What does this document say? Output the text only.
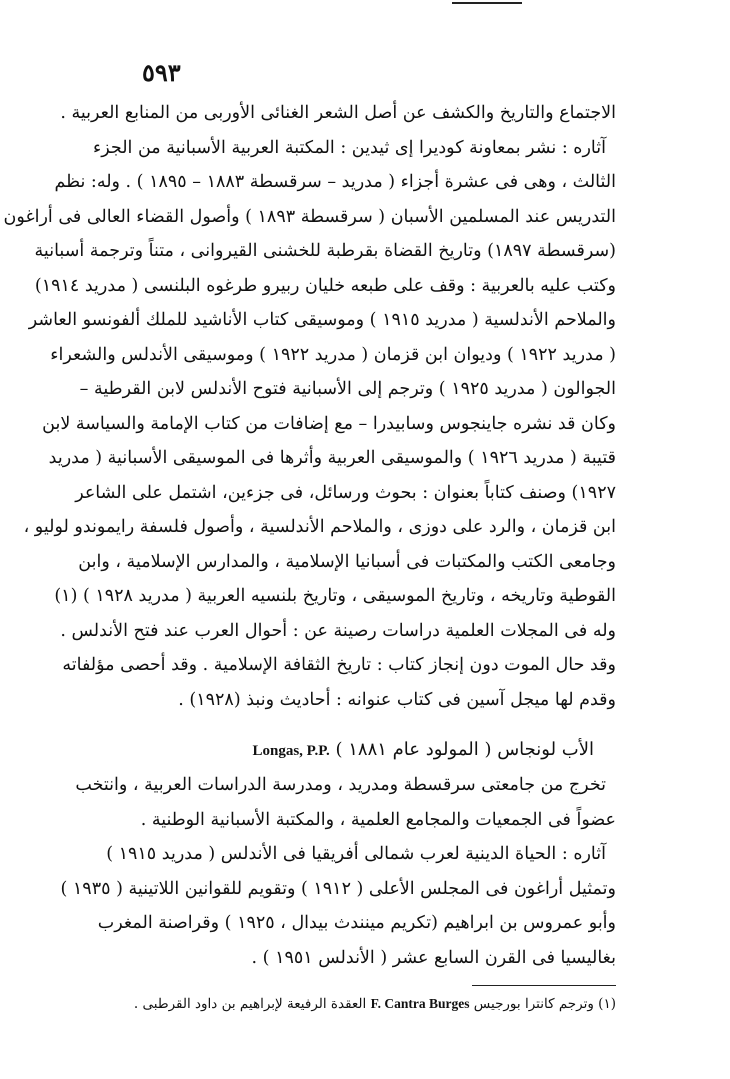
٥٩٣
الاجتماع والتاريخ والكشف عن أصل الشعر الغنائى الأوربى من المنابع العربية .
آثاره : نشر بمعاونة كوديرا إى ثيدين : المكتبة العربية الأسبانية من الجزء
الثالث ، وهى فى عشرة أجزاء ( مدريد – سرقسطة ١٨٨٣ – ١٨٩٥ ) . وله: نظم
التدريس عند المسلمين الأسبان ( سرقسطة ١٨٩٣ ) وأصول القضاء العالى فى أراغون
(سرقسطة ١٨٩٧) وتاريخ القضاة بقرطبة للخشنى القيروانى ، متناً وترجمة أسبانية
وكتب عليه بالعربية : وقف على طبعه خليان ربيرو طرغوه البلنسى ( مدريد ١٩١٤)
والملاحم الأندلسية ( مدريد ١٩١٥ ) وموسيقى كتاب الأناشيد للملك ألفونسو العاشر
( مدريد ١٩٢٢ ) وديوان ابن قزمان ( مدريد ١٩٢٢ ) وموسيقى الأندلس والشعراء
الجوالون ( مدريد ١٩٢٥ ) وترجم إلى الأسبانية فتوح الأندلس لابن القرطية –
وكان قد نشره جاينجوس وسابيدرا – مع إضافات من كتاب الإمامة والسياسة لابن
قتيبة ( مدريد ١٩٢٦ ) والموسيقى العربية وأثرها فى الموسيقى الأسبانية ( مدريد
١٩٢٧) وصنف كتاباً بعنوان : بحوث ورسائل، فى جزءين، اشتمل على الشاعر
ابن قزمان ، والرد على دوزى ، والملاحم الأندلسية ، وأصول فلسفة رايموندو لوليو ،
وجامعى الكتب والمكتبات فى أسبانيا الإسلامية ، والمدارس الإسلامية ، وابن
القوطية وتاريخه ، وتاريخ الموسيقى ، وتاريخ بلنسيه العربية ( مدريد ١٩٢٨ ) (١)
وله فى المجلات العلمية دراسات رصينة عن : أحوال العرب عند فتح الأندلس .
وقد حال الموت دون إنجاز كتاب : تاريخ الثقافة الإسلامية . وقد أحصى مؤلفاته
وقدم لها ميجل آسين فى كتاب عنوانه : أحاديث ونبذ (١٩٢٨) .
الأب لونجاس ( المولود عام ١٨٨١ ) Longas, P.P.
تخرج من جامعتى سرقسطة ومدريد ، ومدرسة الدراسات العربية ، وانتخب
عضواً فى الجمعيات والمجامع العلمية ، والمكتبة الأسبانية الوطنية .
آثاره : الحياة الدينية لعرب شمالى أفريقيا فى الأندلس ( مدريد ١٩١٥ )
وتمثيل أراغون فى المجلس الأعلى ( ١٩١٢ ) وتقويم للقوانين اللاتينية ( ١٩٣٥ )
وأبو عمروس بن ابراهيم (تكريم مينندث بيدال ، ١٩٢٥ ) وقراصنة المغرب
بغاليسيا فى القرن السابع عشر ( الأندلس ١٩٥١ ) .
(١) وترجم كانترا بورجيس F. Cantra Burges العقدة الرفيعة لإبراهيم بن داود القرطبى .
